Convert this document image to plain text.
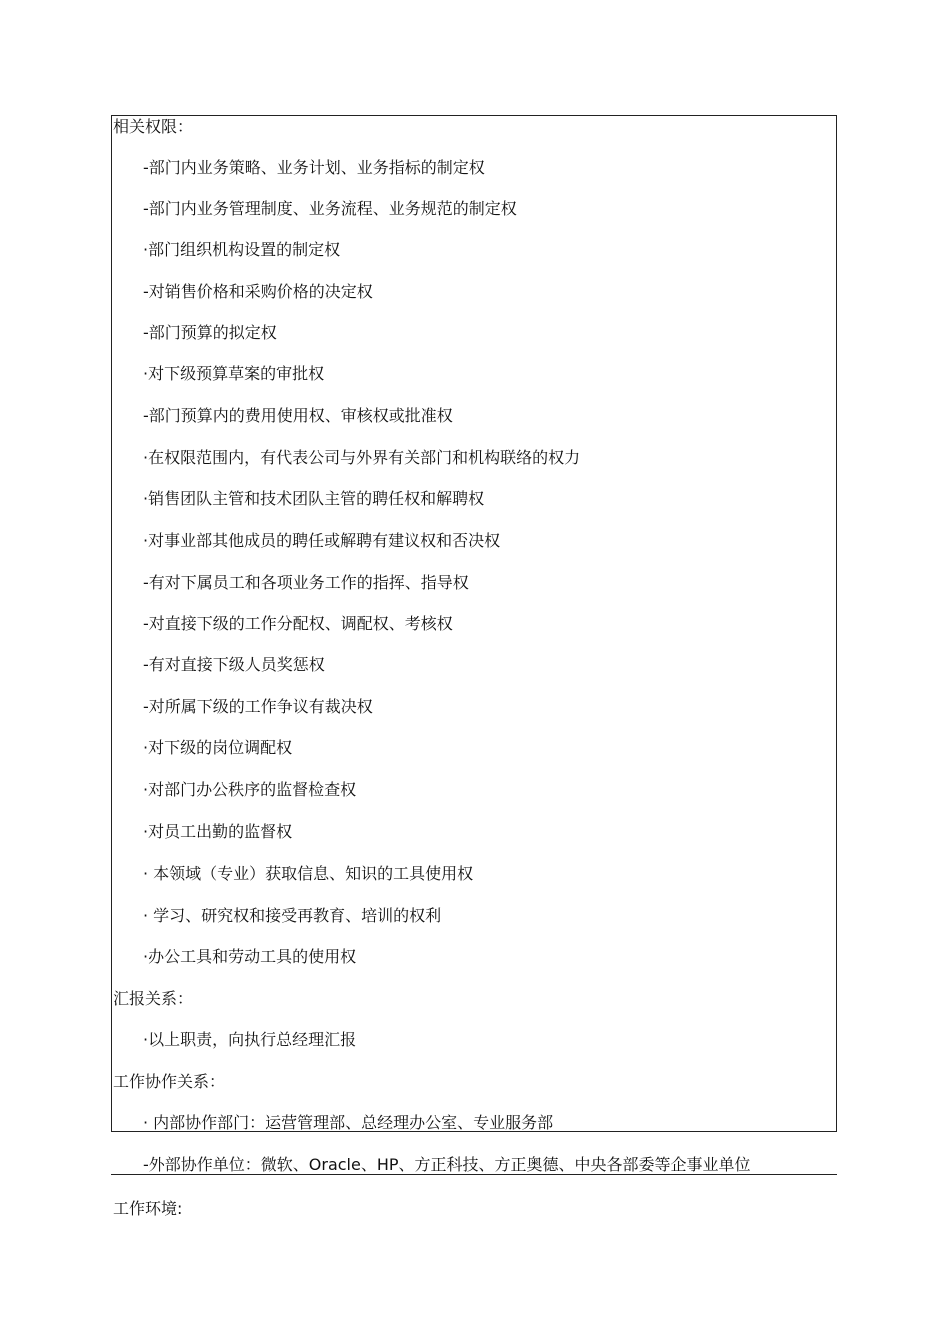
相关权限：
-部门内业务策略、业务计划、业务指标的制定权
-部门内业务管理制度、业务流程、业务规范的制定权
·部门组织机构设置的制定权
-对销售价格和采购价格的决定权
-部门预算的拟定权
·对下级预算草案的审批权
-部门预算内的费用使用权、审核权或批准权
·在权限范围内，有代表公司与外界有关部门和机构联络的权力
·销售团队主管和技术团队主管的聘任权和解聘权
·对事业部其他成员的聘任或解聘有建议权和否决权
-有对下属员工和各项业务工作的指挥、指导权
-对直接下级的工作分配权、调配权、考核权
-有对直接下级人员奖惩权
-对所属下级的工作争议有裁决权
·对下级的岗位调配权
·对部门办公秩序的监督检查权
·对员工出勤的监督权
· 本领域（专业）获取信息、知识的工具使用权
· 学习、研究权和接受再教育、培训的权利
·办公工具和劳动工具的使用权
汇报关系：
·以上职责，向执行总经理汇报
工作协作关系：
· 内部协作部门：运营管理部、总经理办公室、专业服务部
-外部协作单位：微软、Oracle、HP、方正科技、方正奥德、中央各部委等企事业单位
工作环境:
